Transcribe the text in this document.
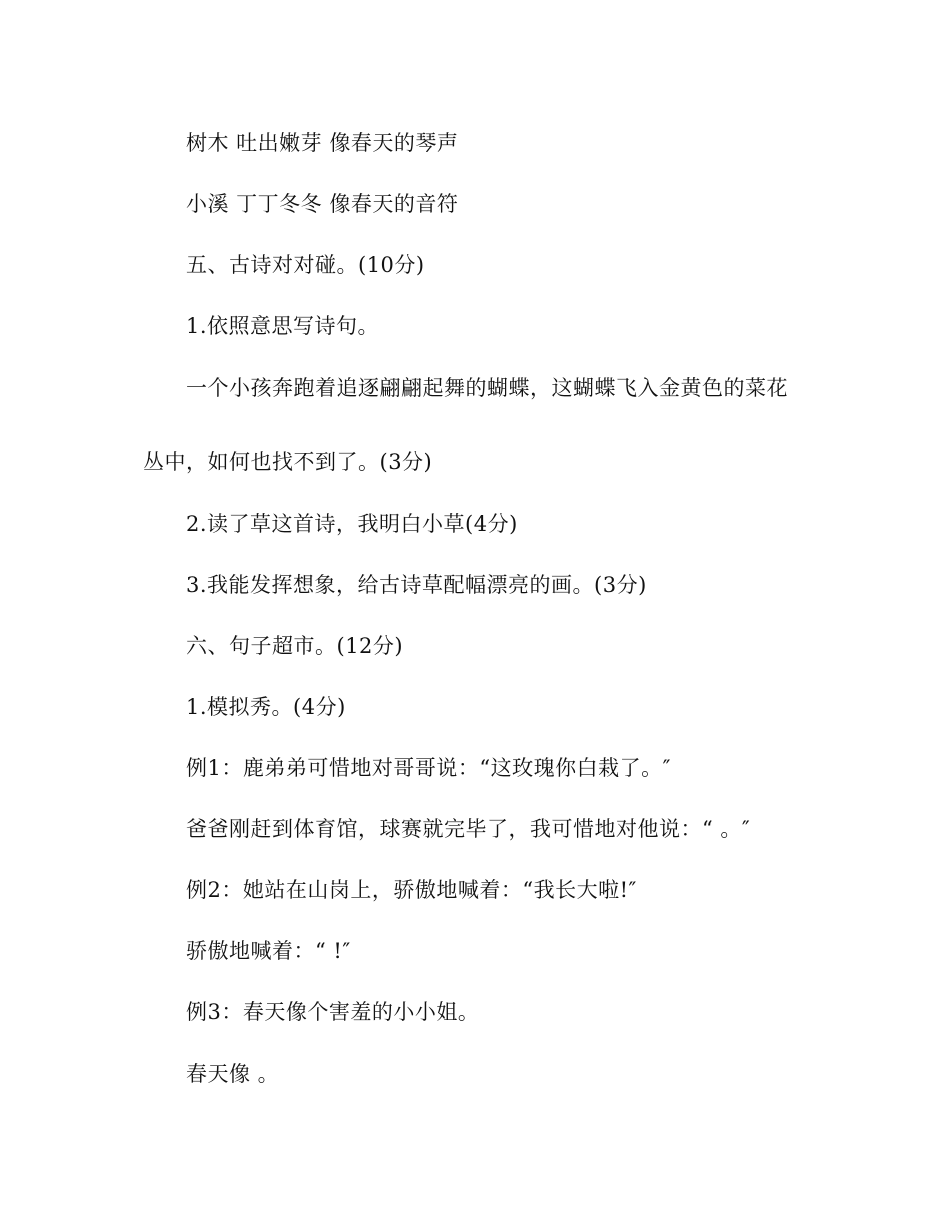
树木 吐出嫩芽 像春天的琴声
小溪 丁丁冬冬 像春天的音符
五、古诗对对碰。(10分)
1.依照意思写诗句。
一个小孩奔跑着追逐翩翩起舞的蝴蝶，这蝴蝶飞入金黄色的菜花
丛中，如何也找不到了。(3分)
2.读了草这首诗，我明白小草(4分)
3.我能发挥想象，给古诗草配幅漂亮的画。(3分)
六、句子超市。(12分)
1.模拟秀。(4分)
例1：鹿弟弟可惜地对哥哥说：“这玫瑰你白栽了。″
爸爸刚赶到体育馆，球赛就完毕了，我可惜地对他说：“ 。″
例2：她站在山岗上，骄傲地喊着：“我长大啦!″
骄傲地喊着：“ !″
例3：春天像个害羞的小小姐。
春天像 。
